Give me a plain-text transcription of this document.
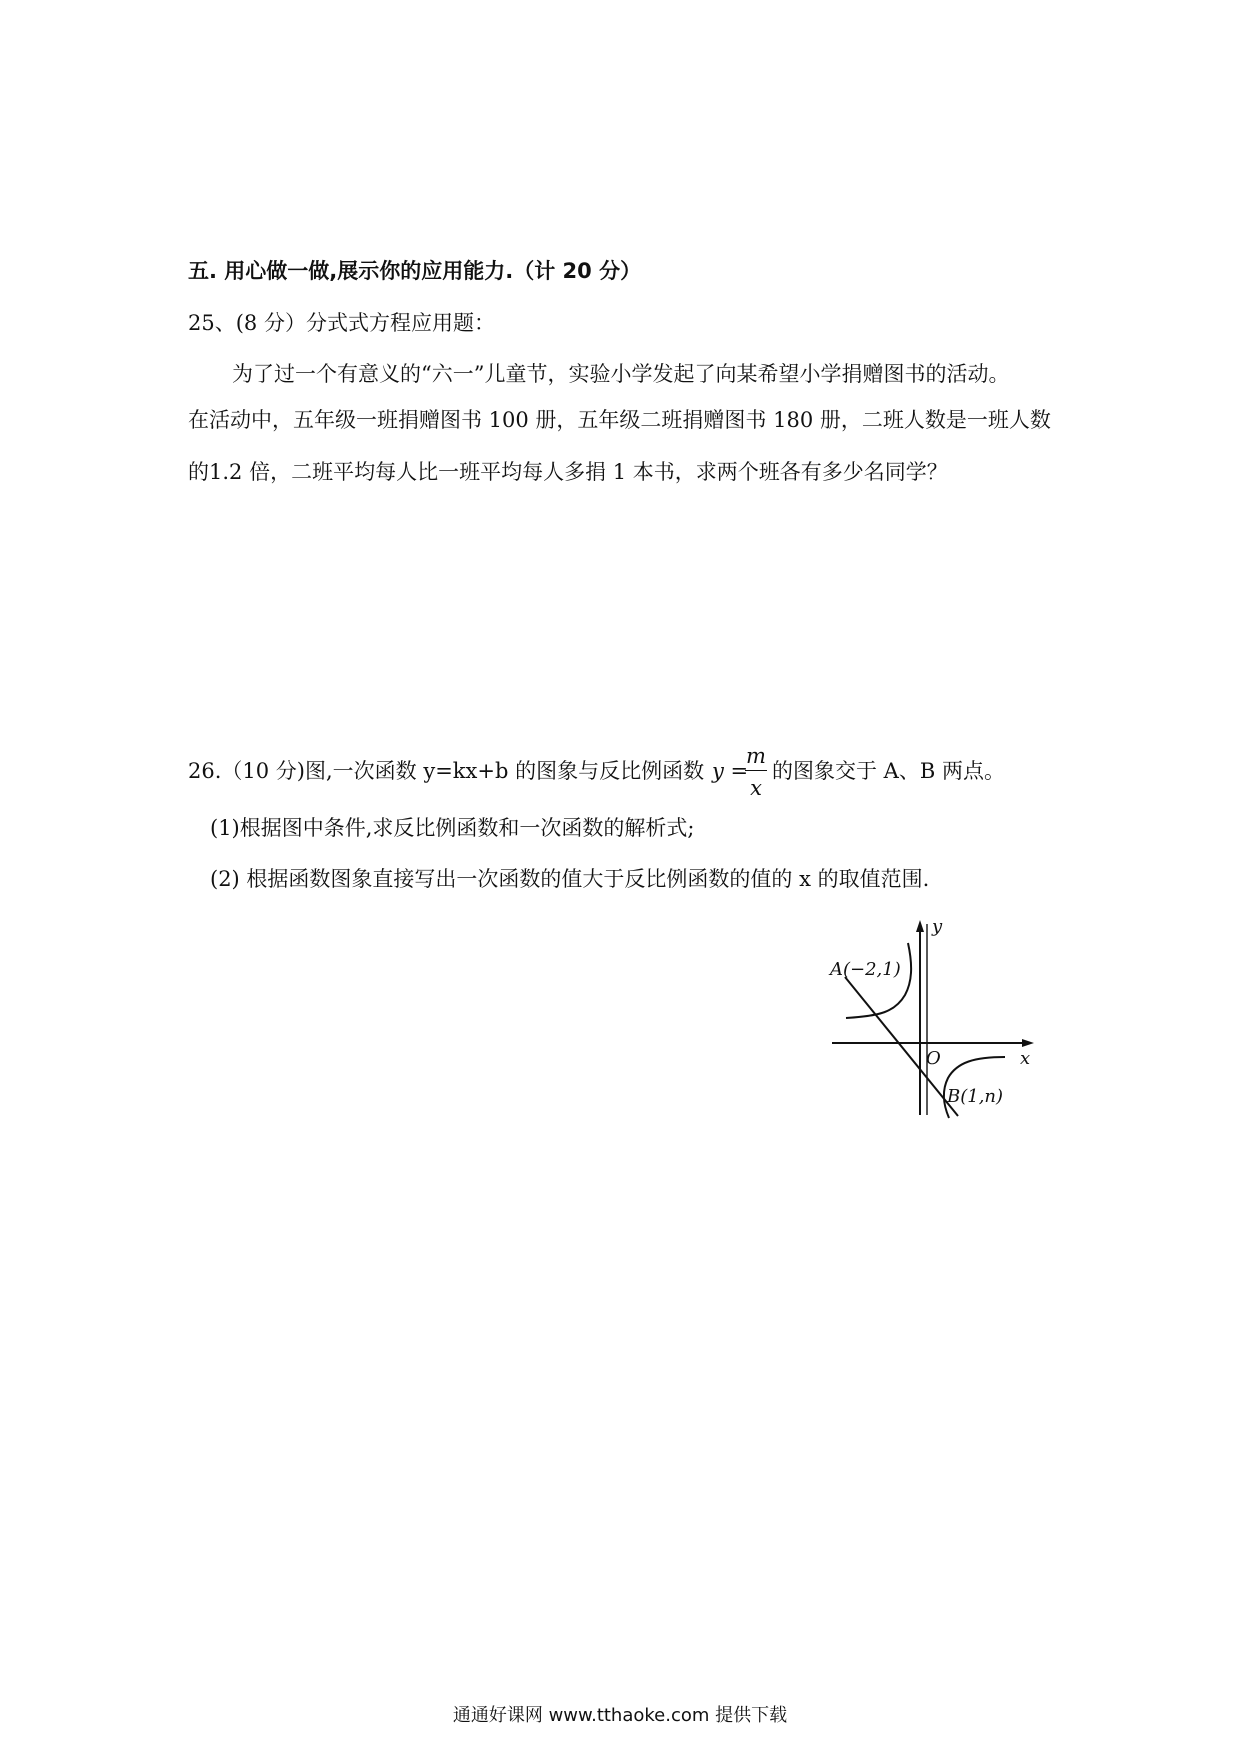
五. 用心做一做,展示你的应用能力.（计 20 分）
25、(8 分）分式式方程应用题：
为了过一个有意义的“六一”儿童节，实验小学发起了向某希望小学捐赠图书的活动。
在活动中，五年级一班捐赠图书 100 册，五年级二班捐赠图书 180 册，二班人数是一班人数
的1.2 倍，二班平均每人比一班平均每人多捐 1 本书，求两个班各有多少名同学？
26.（10 分)图,一次函数 y=kx+b 的图象与反比例函数 y =
m
x
的图象交于 A、B 两点。
(1)根据图中条件,求反比例函数和一次函数的解析式;
(2) 根据函数图象直接写出一次函数的值大于反比例函数的值的 x 的取值范围.
y
x
O
A(−2,1)
B(1,n)
通通好课网 www.tthaoke.com 提供下载
